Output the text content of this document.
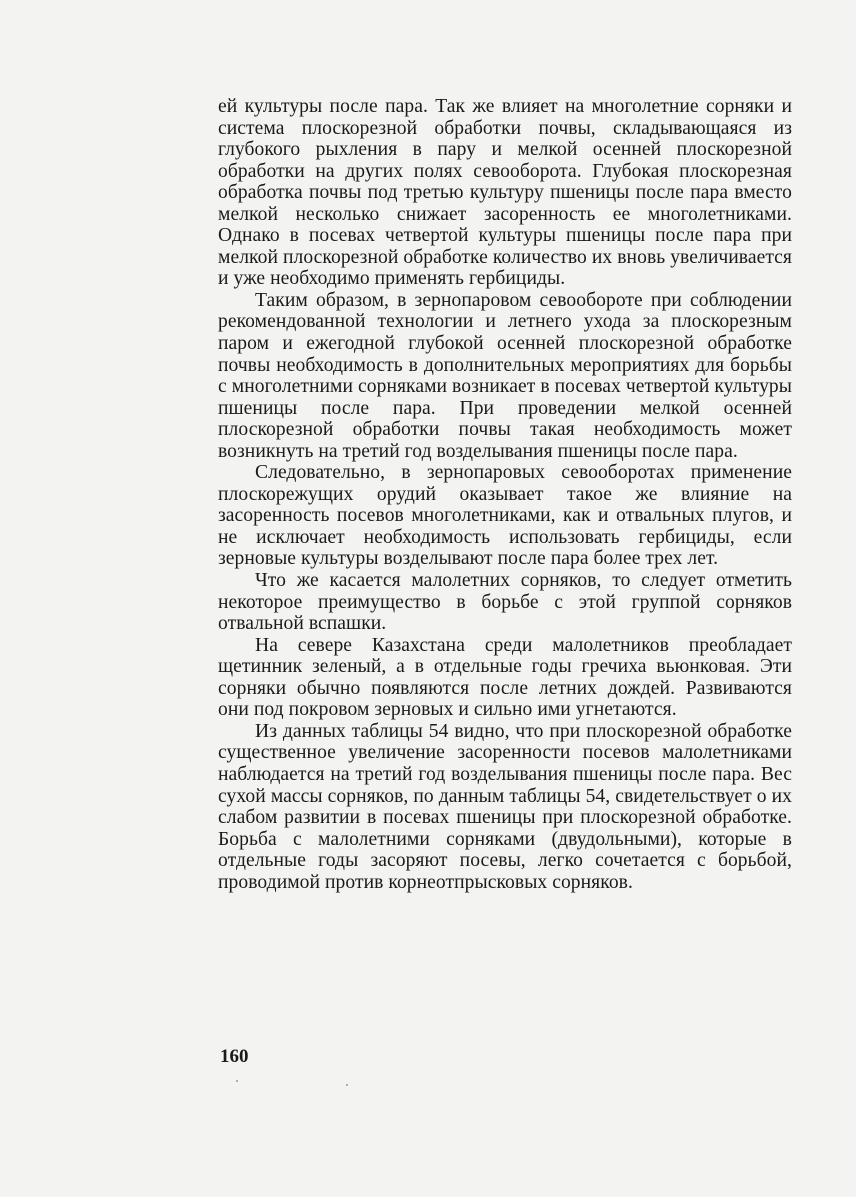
ей культуры после пара. Так же влияет на многолетние сорняки и система плоскорезной обработки почвы, складывающаяся из глубокого рыхления в пару и мелкой осенней плоскорезной обработки на других полях севооборота. Глубокая плоскорезная обработка почвы под третью культуру пшеницы после пара вместо мелкой несколько снижает засоренность ее многолетниками. Однако в посевах четвертой культуры пшеницы после пара при мелкой плоскорезной обработке количество их вновь увеличивается и уже необходимо применять гербициды.

Таким образом, в зернопаровом севообороте при соблюдении рекомендованной технологии и летнего ухода за плоскорезным паром и ежегодной глубокой осенней плоскорезной обработке почвы необходимость в дополнительных мероприятиях для борьбы с многолетними сорняками возникает в посевах четвертой культуры пшеницы после пара. При проведении мелкой осенней плоскорезной обработки почвы такая необходимость может возникнуть на третий год возделывания пшеницы после пара.

Следовательно, в зернопаровых севооборотах применение плоскорежущих орудий оказывает такое же влияние на засоренность посевов многолетниками, как и отвальных плугов, и не исключает необходимость использовать гербициды, если зерновые культуры возделывают после пара более трех лет.

Что же касается малолетних сорняков, то следует отметить некоторое преимущество в борьбе с этой группой сорняков отвальной вспашки.

На севере Казахстана среди малолетников преобладает щетинник зеленый, а в отдельные годы гречиха вьюнковая. Эти сорняки обычно появляются после летних дождей. Развиваются они под покровом зерновых и сильно ими угнетаются.

Из данных таблицы 54 видно, что при плоскорезной обработке существенное увеличение засоренности посевов малолетниками наблюдается на третий год возделывания пшеницы после пара. Вес сухой массы сорняков, по данным таблицы 54, свидетельствует о их слабом развитии в посевах пшеницы при плоскорезной обработке. Борьба с малолетними сорняками (двудольными), которые в отдельные годы засоряют посевы, легко сочетается с борьбой, проводимой против корнеотпрысковых сорняков.

160
